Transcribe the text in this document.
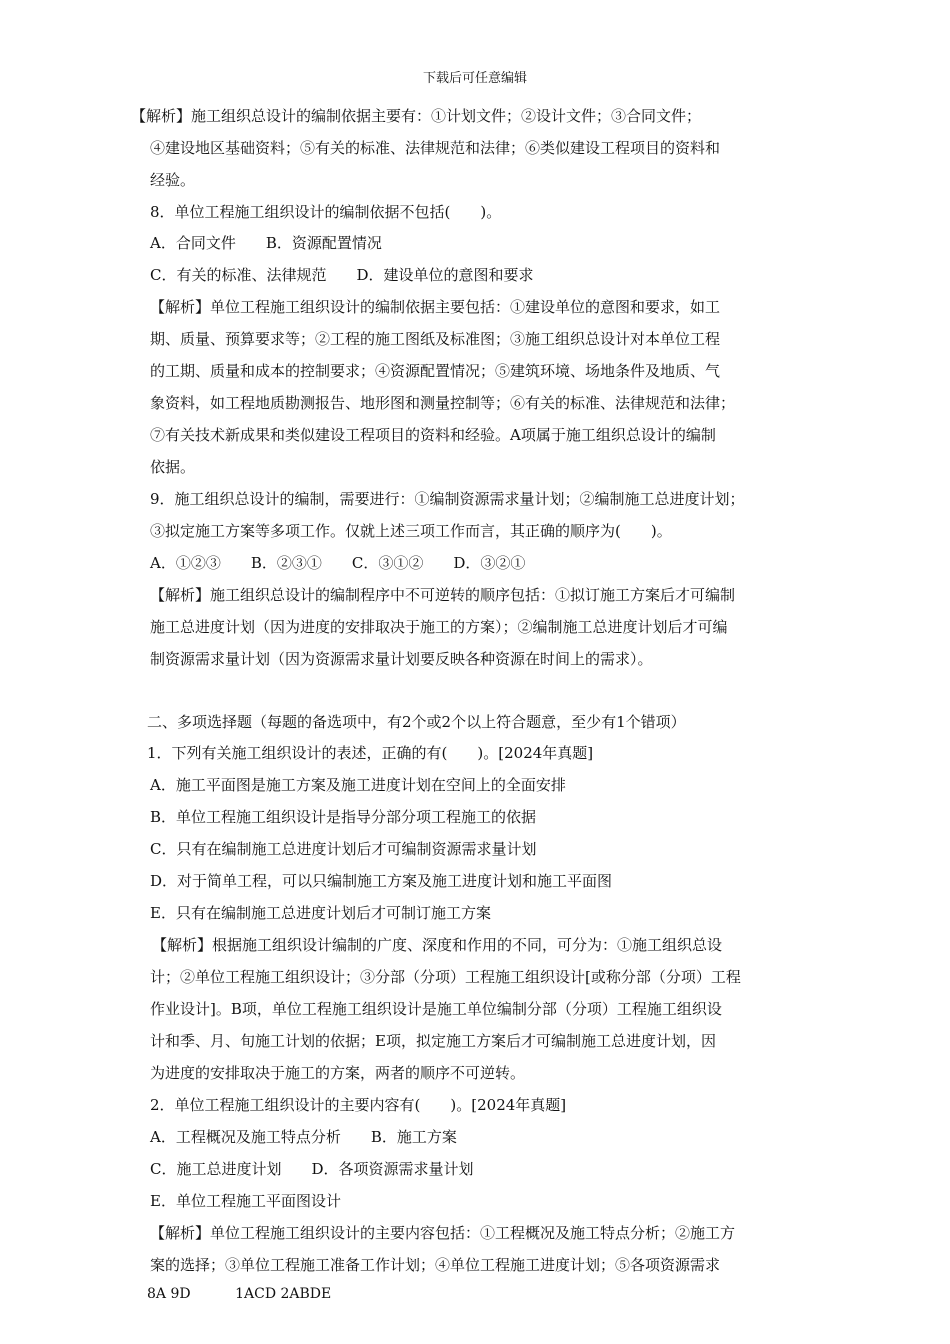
下载后可任意编辑
【解析】施工组织总设计的编制依据主要有：①计划文件；②设计文件；③合同文件；
④建设地区基础资料；⑤有关的标准、法律规范和法律；⑥类似建设工程项目的资料和
经验。
8．单位工程施工组织设计的编制依据不包括(　　)。
A．合同文件　　B．资源配置情况
C．有关的标准、法律规范　　D．建设单位的意图和要求
【解析】单位工程施工组织设计的编制依据主要包括：①建设单位的意图和要求，如工
期、质量、预算要求等；②工程的施工图纸及标准图；③施工组织总设计对本单位工程
的工期、质量和成本的控制要求；④资源配置情况；⑤建筑环境、场地条件及地质、气
象资料，如工程地质勘测报告、地形图和测量控制等；⑥有关的标准、法律规范和法律；
⑦有关技术新成果和类似建设工程项目的资料和经验。A项属于施工组织总设计的编制
依据。
9．施工组织总设计的编制，需要进行：①编制资源需求量计划；②编制施工总进度计划；
③拟定施工方案等多项工作。仅就上述三项工作而言，其正确的顺序为(　　)。
A．①②③　　B．②③①　　C．③①②　　D．③②①
【解析】施工组织总设计的编制程序中不可逆转的顺序包括：①拟订施工方案后才可编制
施工总进度计划（因为进度的安排取决于施工的方案）；②编制施工总进度计划后才可编
制资源需求量计划（因为资源需求量计划要反映各种资源在时间上的需求）。
二、多项选择题（每题的备选项中，有2个或2个以上符合题意，至少有1个错项）
1．下列有关施工组织设计的表述，正确的有(　　)。[2024年真题]
A．施工平面图是施工方案及施工进度计划在空间上的全面安排
B．单位工程施工组织设计是指导分部分项工程施工的依据
C．只有在编制施工总进度计划后才可编制资源需求量计划
D．对于简单工程，可以只编制施工方案及施工进度计划和施工平面图
E．只有在编制施工总进度计划后才可制订施工方案
【解析】根据施工组织设计编制的广度、深度和作用的不同，可分为：①施工组织总设
计；②单位工程施工组织设计；③分部（分项）工程施工组织设计[或称分部（分项）工程
作业设计]。B项，单位工程施工组织设计是施工单位编制分部（分项）工程施工组织设
计和季、月、旬施工计划的依据；E项，拟定施工方案后才可编制施工总进度计划，因
为进度的安排取决于施工的方案，两者的顺序不可逆转。
2．单位工程施工组织设计的主要内容有(　　)。[2024年真题]
A．工程概况及施工特点分析　　B．施工方案
C．施工总进度计划　　D．各项资源需求量计划
E．单位工程施工平面图设计
【解析】单位工程施工组织设计的主要内容包括：①工程概况及施工特点分析；②施工方
案的选择；③单位工程施工准备工作计划；④单位工程施工进度计划；⑤各项资源需求
8A 9D          1ACD 2ABDE
